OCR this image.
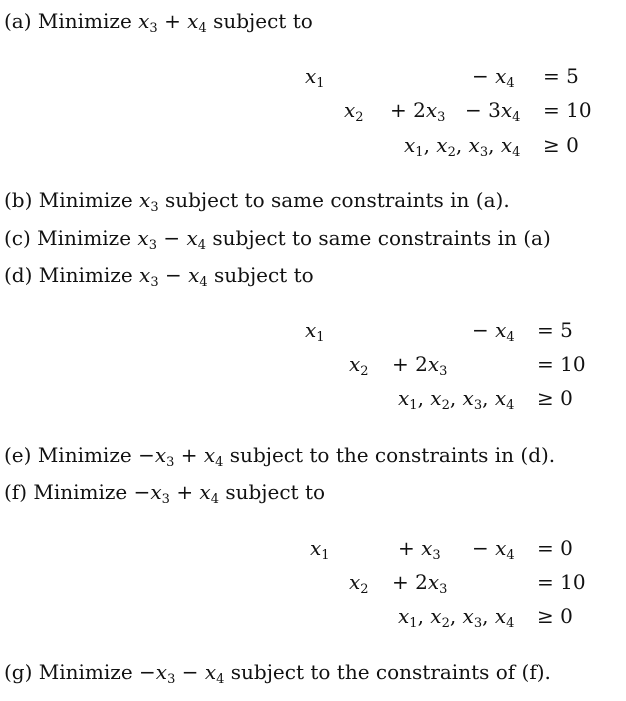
(a) Minimize $x_3 + x_4$ subject to
$x_1$	− $x_4 = 5$
$x_2 + 2x_3 - 3x_4 = 10$
$x_1$, $x_2$, $x_3$, $x_4 \ge 0$
(b) Minimize $x_3$ subject to same constraints in (a).
(c) Minimize $x_3 - x_4$ subject to same constraints in (a)
(d) Minimize $x_3 - x_4$ subject to
$x_1$	− $x_4 = 5$
$x_2 + 2x_3$	= 10
$x_1$, $x_2$, $x_3$, $x_4 \ge 0$
(e) Minimize $-x_3 + x_4$ subject to the constraints in (d).
(f) Minimize $-x_3 + x_4$ subject to
$x_1$	+ $x_3 - x_4 = 0$
$x_2 + 2x_3$	= 10
$x_1$, $x_2$, $x_3$, $x_4 \ge 0$
(g) Minimize $-x_3 - x_4$ subject to the constraints of (f).
